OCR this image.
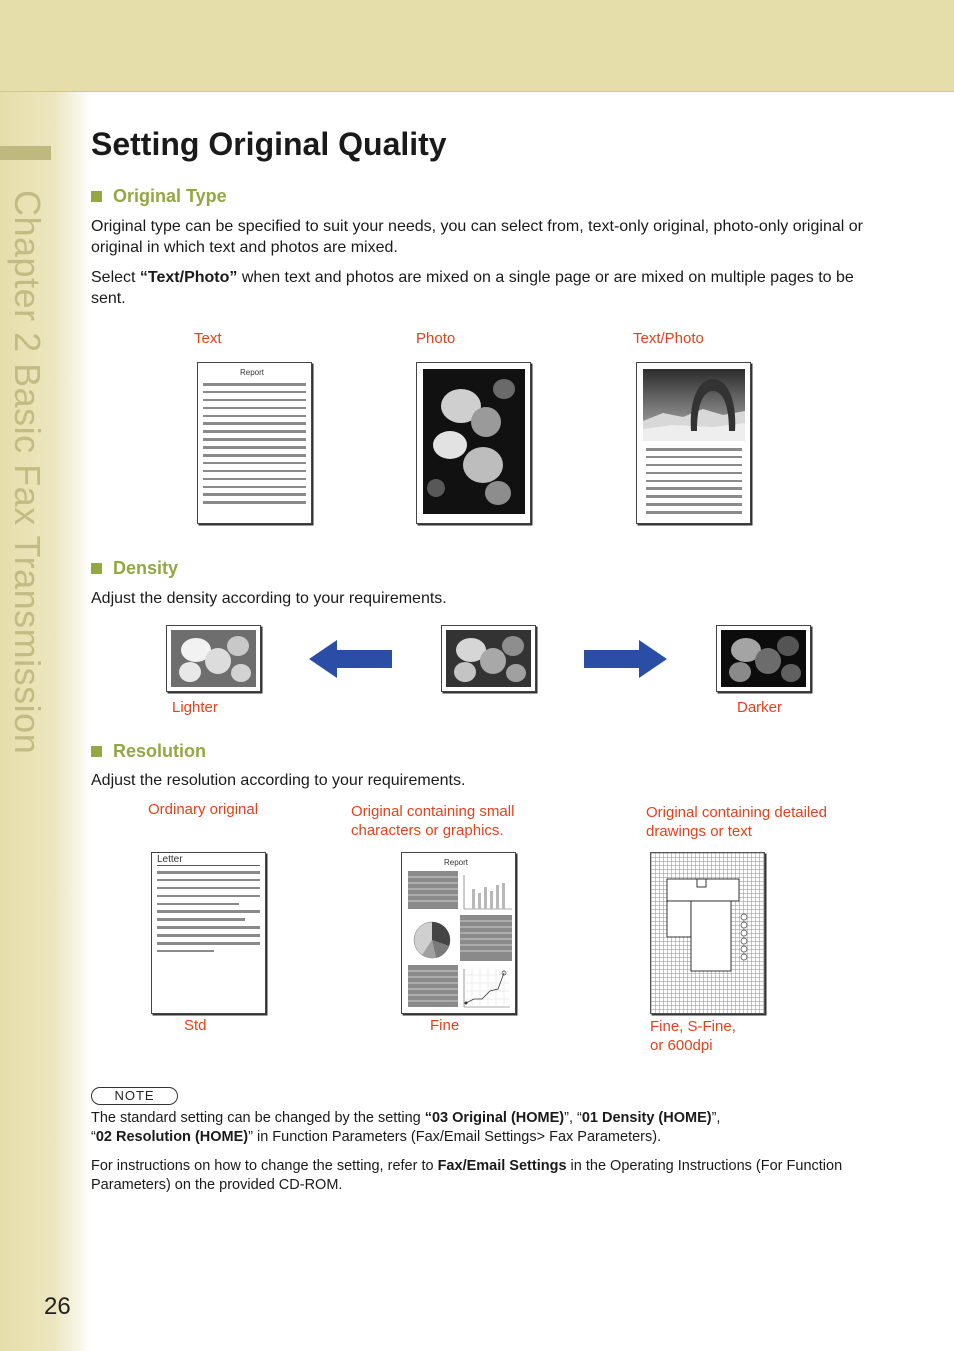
Chapter 2 Basic Fax Transmission
26
Setting Original Quality
Original Type

Original type can be specified to suit your needs, you can select from, text-only original, photo-only original or original in which text and photos are mixed.

Select “Text/Photo” when text and photos are mixed on a single page or are mixed on multiple pages to be sent.

Text	Photo	Text/Photo
Report
Density

Adjust the density according to your requirements.

Lighter	Darker
Resolution

Adjust the resolution according to your requirements.

Ordinary original	Original containing small
characters or graphics.
Original containing detailed
drawings or text
Letter	Report
Std	Fine	Fine, S-Fine,
or 600dpi
NOTE
The standard setting can be changed by the setting “03 Original (HOME)”, “01 Density (HOME)”,
“02 Resolution (HOME)” in Function Parameters (Fax/Email Settings> Fax Parameters).

For instructions on how to change the setting, refer to Fax/Email Settings in the Operating Instructions (For Function Parameters) on the provided CD-ROM.
